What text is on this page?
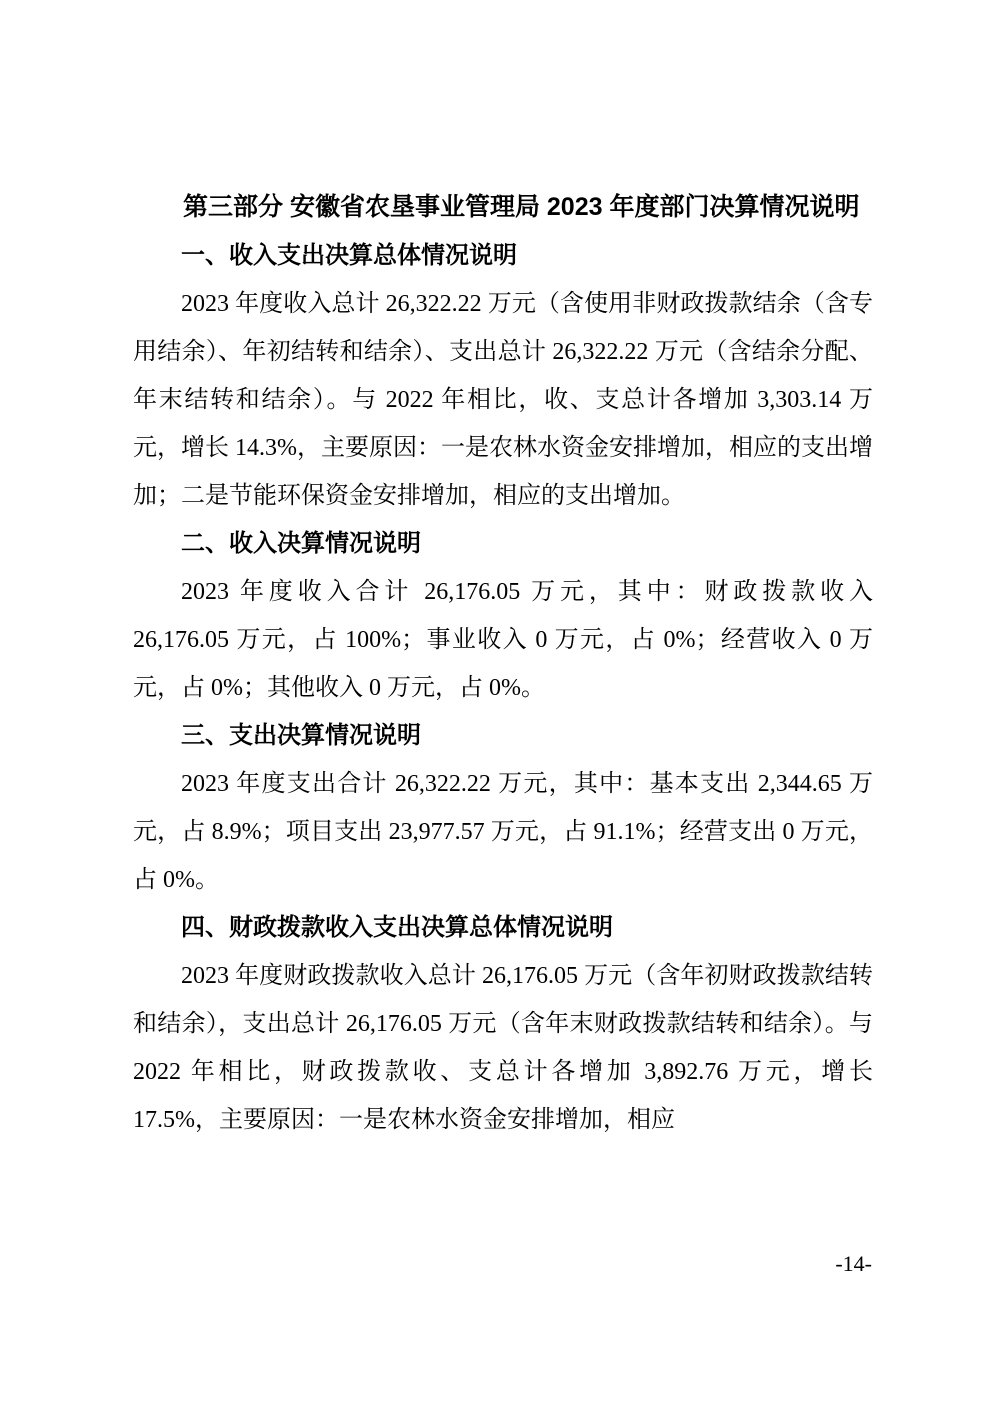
第三部分 安徽省农垦事业管理局 2023 年度部门决算情况说明
一、收入支出决算总体情况说明
2023 年度收入总计 26,322.22 万元（含使用非财政拨款结余（含专用结余）、年初结转和结余）、支出总计 26,322.22 万元（含结余分配、年末结转和结余）。与 2022 年相比，收、支总计各增加 3,303.14 万元，增长 14.3%，主要原因：一是农林水资金安排增加，相应的支出增加；二是节能环保资金安排增加，相应的支出增加。
二、收入决算情况说明
2023 年度收入合计 26,176.05 万元，其中：财政拨款收入 26,176.05 万元，占 100%；事业收入 0 万元，占 0%；经营收入 0 万元，占 0%；其他收入 0 万元，占 0%。
三、支出决算情况说明
2023 年度支出合计 26,322.22 万元，其中：基本支出 2,344.65 万元，占 8.9%；项目支出 23,977.57 万元，占 91.1%；经营支出 0 万元，占 0%。
四、财政拨款收入支出决算总体情况说明
2023 年度财政拨款收入总计 26,176.05 万元（含年初财政拨款结转和结余），支出总计 26,176.05 万元（含年末财政拨款结转和结余）。与 2022 年相比，财政拨款收、支总计各增加 3,892.76 万元，增长 17.5%，主要原因：一是农林水资金安排增加，相应
-14-
